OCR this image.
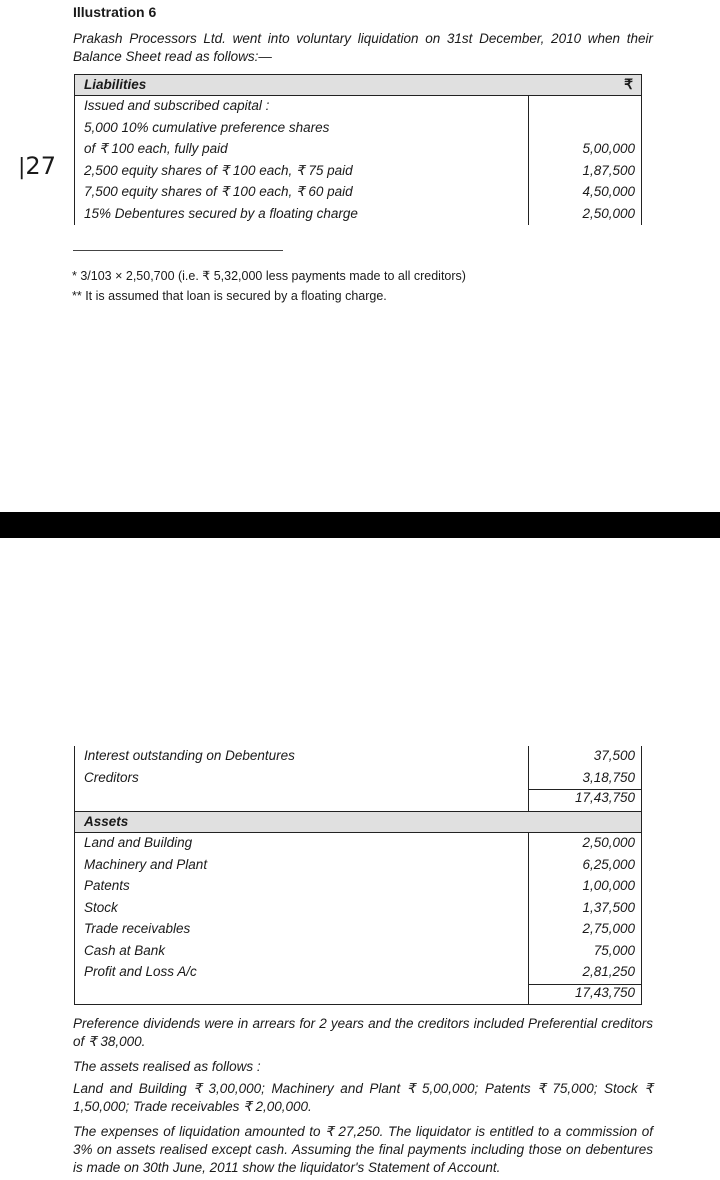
Illustration 6
Prakash Processors Ltd. went into voluntary liquidation on 31st December, 2010 when their Balance Sheet read as follows:—
|27
Liabilities	₹
Issued and subscribed capital :
5,000 10% cumulative preference shares
of ₹ 100 each, fully paid	5,00,000
2,500 equity shares of ₹ 100 each, ₹ 75 paid	1,87,500
7,500 equity shares of ₹ 100 each, ₹ 60 paid	4,50,000
15% Debentures secured by a floating charge	2,50,000
* 3/103 × 2,50,700 (i.e. ₹ 5,32,000 less payments made to all creditors)
** It is assumed that loan is secured by a floating charge.
Interest outstanding on Debentures	37,500
Creditors	3,18,750
17,43,750
Assets
Land and Building	2,50,000
Machinery and Plant	6,25,000
Patents	1,00,000
Stock	1,37,500
Trade receivables	2,75,000
Cash at Bank	75,000
Profit and Loss A/c	2,81,250
17,43,750
Preference dividends were in arrears for 2 years and the creditors included Preferential creditors of ₹ 38,000.
The assets realised as follows :
Land and Building ₹ 3,00,000; Machinery and Plant ₹ 5,00,000; Patents ₹ 75,000; Stock ₹ 1,50,000; Trade receivables ₹ 2,00,000.
The expenses of liquidation amounted to ₹ 27,250. The liquidator is entitled to a commission of 3% on assets realised except cash. Assuming the final payments including those on debentures is made on 30th June, 2011 show the liquidator's Statement of Account.
